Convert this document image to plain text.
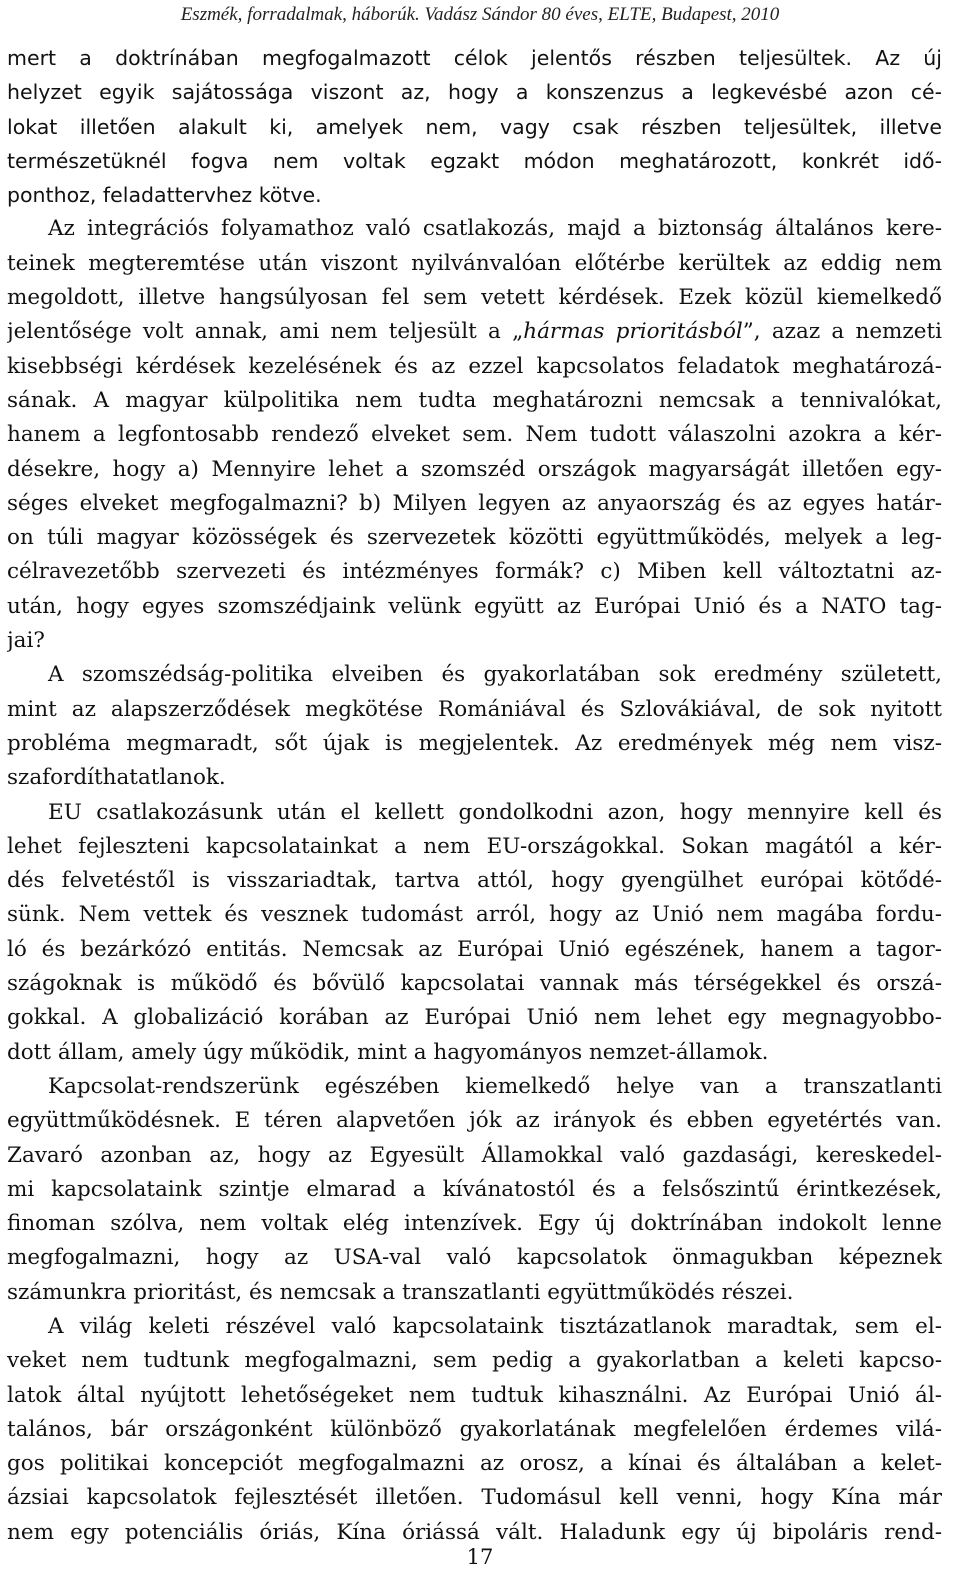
Eszmék, forradalmak, háborúk. Vadász Sándor 80 éves, ELTE, Budapest, 2010
mert a doktrínában megfogalmazott célok jelentős részben teljesültek. Az új
helyzet egyik sajátossága viszont az, hogy a konszenzus a legkevésbé azon cé-
lokat illetően alakult ki, amelyek nem, vagy csak részben teljesültek, illetve
természetüknél fogva nem voltak egzakt módon meghatározott, konkrét idő-
ponthoz, feladattervhez kötve.
Az integrációs folyamathoz való csatlakozás, majd a biztonság általános kere-
teinek megteremtése után viszont nyilvánvalóan előtérbe kerültek az eddig nem
megoldott, illetve hangsúlyosan fel sem vetett kérdések. Ezek közül kiemelkedő
jelentősége volt annak, ami nem teljesült a „hármas prioritásból”, azaz a nemzeti
kisebbségi kérdések kezelésének és az ezzel kapcsolatos feladatok meghatározá-
sának. A magyar külpolitika nem tudta meghatározni nemcsak a tennivalókat,
hanem a legfontosabb rendező elveket sem. Nem tudott válaszolni azokra a kér-
désekre, hogy a) Mennyire lehet a szomszéd országok magyarságát illetően egy-
séges elveket megfogalmazni? b) Milyen legyen az anyaország és az egyes határ-
on túli magyar közösségek és szervezetek közötti együttműködés, melyek a leg-
célravezetőbb szervezeti és intézményes formák? c) Miben kell változtatni az-
után, hogy egyes szomszédjaink velünk együtt az Európai Unió és a NATO tag-
jai?
A szomszédság-politika elveiben és gyakorlatában sok eredmény született,
mint az alapszerződések megkötése Romániával és Szlovákiával, de sok nyitott
probléma megmaradt, sőt újak is megjelentek. Az eredmények még nem visz-
szafordíthatatlanok.
EU csatlakozásunk után el kellett gondolkodni azon, hogy mennyire kell és
lehet fejleszteni kapcsolatainkat a nem EU-országokkal. Sokan magától a kér-
dés felvetéstől is visszariadtak, tartva attól, hogy gyengülhet európai kötődé-
sünk. Nem vettek és vesznek tudomást arról, hogy az Unió nem magába fordu-
ló és bezárkózó entitás. Nemcsak az Európai Unió egészének, hanem a tagor-
szágoknak is működő és bővülő kapcsolatai vannak más térségekkel és orszá-
gokkal. A globalizáció korában az Európai Unió nem lehet egy megnagyobbo-
dott állam, amely úgy működik, mint a hagyományos nemzet-államok.
Kapcsolat-rendszerünk egészében kiemelkedő helye van a transzatlanti
együttműködésnek. E téren alapvetően jók az irányok és ebben egyetértés van.
Zavaró azonban az, hogy az Egyesült Államokkal való gazdasági, kereskedel-
mi kapcsolataink szintje elmarad a kívánatostól és a felsőszintű érintkezések,
finoman szólva, nem voltak elég intenzívek. Egy új doktrínában indokolt lenne
megfogalmazni, hogy az USA-val való kapcsolatok önmagukban képeznek
számunkra prioritást, és nemcsak a transzatlanti együttműködés részei.
A világ keleti részével való kapcsolataink tisztázatlanok maradtak, sem el-
veket nem tudtunk megfogalmazni, sem pedig a gyakorlatban a keleti kapcso-
latok által nyújtott lehetőségeket nem tudtuk kihasználni. Az Európai Unió ál-
talános, bár országonként különböző gyakorlatának megfelelően érdemes vilá-
gos politikai koncepciót megfogalmazni az orosz, a kínai és általában a kelet-
ázsiai kapcsolatok fejlesztését illetően. Tudomásul kell venni, hogy Kína már
nem egy potenciális óriás, Kína óriássá vált. Haladunk egy új bipoláris rend-
17
